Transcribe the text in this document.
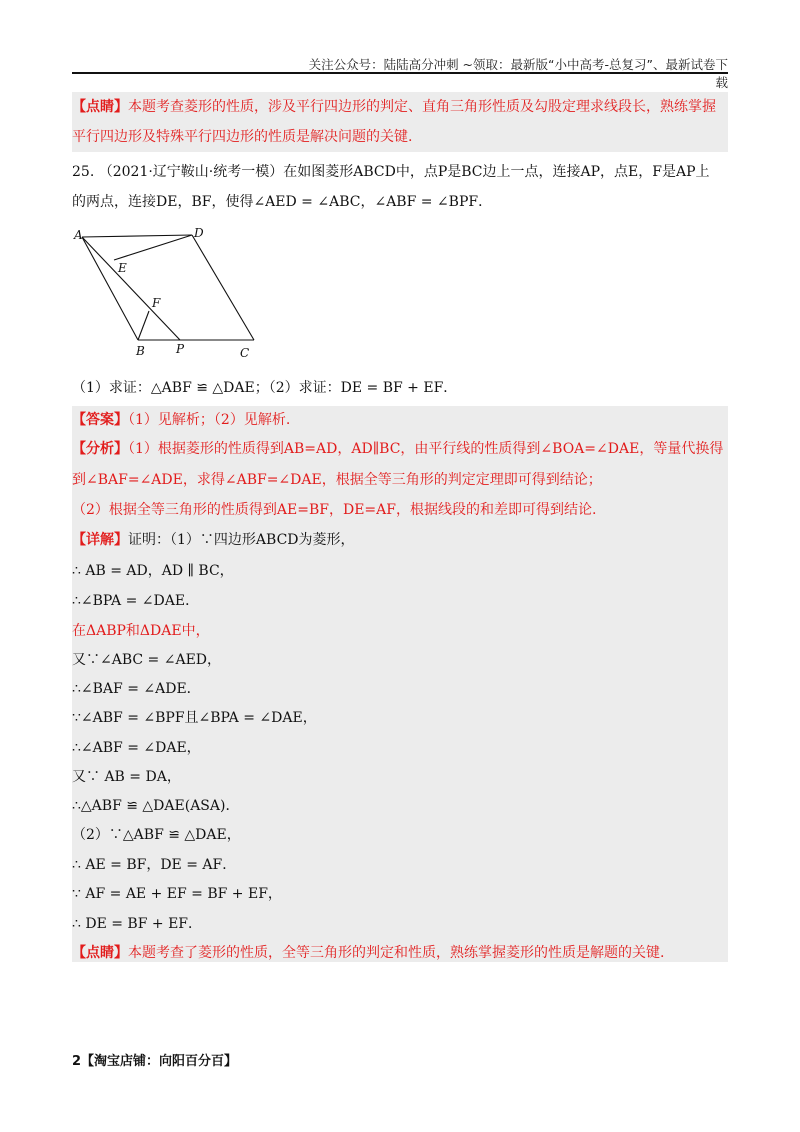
关注公众号：陆陆高分冲刺 ~领取：最新版“小中高考-总复习”、最新试卷下载
【点睛】本题考查菱形的性质，涉及平行四边形的判定、直角三角形性质及勾股定理求线段长，熟练掌握
平行四边形及特殊平行四边形的性质是解决问题的关键.
25. （2021·辽宁鞍山·统考一模）在如图菱形ABCD中，点P是BC边上一点，连接AP，点E，F是AP上
的两点，连接DE，BF，使得∠AED = ∠ABC，∠ABF = ∠BPF．
A	D
E
F
B	P	C
（1）求证：△ABF ≌ △DAE；（2）求证：DE = BF + EF．
【答案】（1）见解析；（2）见解析.
【分析】（1）根据菱形的性质得到AB=AD，AD∥BC，由平行线的性质得到∠BOA=∠DAE，等量代换得
到∠BAF=∠ADE，求得∠ABF=∠DAE，根据全等三角形的判定定理即可得到结论；
（2）根据全等三角形的性质得到AE=BF，DE=AF，根据线段的和差即可得到结论.
【详解】证明：（1）∵四边形ABCD为菱形，
∴ AB = AD，AD ∥ BC，
∴∠BPA = ∠DAE．
在ΔABP和ΔDAE中，
又∵∠ABC = ∠AED，
∴∠BAF = ∠ADE．
∵∠ABF = ∠BPF且∠BPA = ∠DAE，
∴∠ABF = ∠DAE，
又∵ AB = DA，
∴△ABF ≌ △DAE(ASA)．
（2）∵△ABF ≌ △DAE，
∴ AE = BF，DE = AF．
∵ AF = AE + EF = BF + EF，
∴ DE = BF + EF．
【点睛】本题考查了菱形的性质，全等三角形的判定和性质，熟练掌握菱形的性质是解题的关键.
2【淘宝店铺：向阳百分百】
